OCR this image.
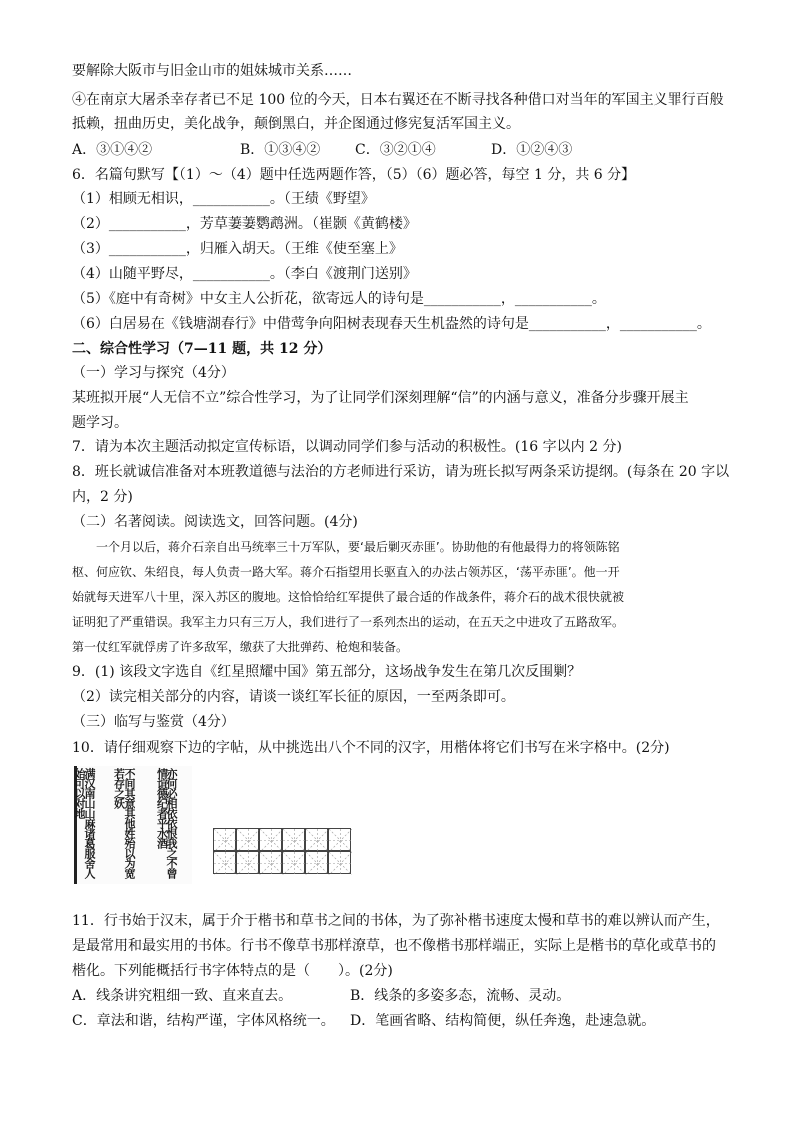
要解除大阪市与旧金山市的姐妹城市关系……
④在南京大屠杀幸存者已不足 100 位的今天，日本右翼还在不断寻找各种借口对当年的军国主义罪行百般
抵赖，扭曲历史，美化战争，颠倒黑白，并企图通过修宪复活军国主义。
A．③①④②	B．①③④② C．③②①④	D．①②④③
6．名篇句默写【（1）～（4）题中任选两题作答，（5）（6）题必答，每空 1 分，共 6 分】
（1）相顾无相识，___________。（王绩《野望》
（2）___________，芳草萋萋鹦鹉洲。（崔颢《黄鹤楼》
（3）___________，归雁入胡天。（王维《使至塞上》
（4）山随平野尽，___________。（李白《渡荆门送别》
（5）《庭中有奇树》中女主人公折花，欲寄远人的诗句是___________，___________。
（6）白居易在《钱塘湖春行》中借莺争向阳树表现春天生机盎然的诗句是___________，___________。
二、综合性学习（7—11 题，共 12 分）
（一）学习与探究（4分）
某班拟开展“人无信不立”综合性学习，为了让同学们深刻理解“信”的内涵与意义，准备分步骤开展主
题学习。
7．请为本次主题活动拟定宣传标语，以调动同学们参与活动的积极性。(16 字以内 2 分)
8．班长就诚信准备对本班教道德与法治的方老师进行采访，请为班长拟写两条采访提纲。(每条在 20 字以
内，2 分)
（二）名著阅读。阅读选文，回答问题。(4分)
　　一个月以后，蒋介石亲自出马统率三十万军队，要‘最后剿灭赤匪’。协助他的有他最得力的将领陈铭
枢、何应钦、朱绍良，每人负责一路大军。蒋介石指望用长驱直入的办法占领苏区，‘荡平赤匪’。他一开
始就每天进军八十里，深入苏区的腹地。这恰恰给红军提供了最合适的作战条件，蒋介石的战术很快就被
证明犯了严重错误。我军主力只有三万人，我们进行了一系列杰出的运动，在五天之中进攻了五路敌军。
第一仗红军就俘虏了许多敌军，缴获了大批弹药、枪炮和装备。
9．(1) 该段文字选自《红星照耀中国》第五部分，这场战争发生在第几次反围剿？
（2）读完相关部分的内容，请谈一谈红军长征的原因，一至两条即可。
（三）临写与鉴赏（4分）
10．请仔细观察下边的字帖，从中挑选出八个不同的汉字，用楷体将它们书写在米字格中。(2分)
满汉南山山麻诸葛服舍人始可以对地	不间其意其他姓殆以为宽若存之妖	亦何必相依依恨我之不曾情谊德纪者乎水酒
11．行书始于汉末，属于介于楷书和草书之间的书体，为了弥补楷书速度太慢和草书的难以辨认而产生，
是最常用和最实用的书体。行书不像草书那样潦草，也不像楷书那样端正，实际上是楷书的草化或草书的
楷化。下列能概括行书字体特点的是（　　）。(2分)
A．线条讲究粗细一致、直来直去。	B．线条的多姿多态，流畅、灵动。
C．章法和谐，结构严谨，字体风格统一。 D．笔画省略、结构简便，纵任奔逸，赴速急就。
